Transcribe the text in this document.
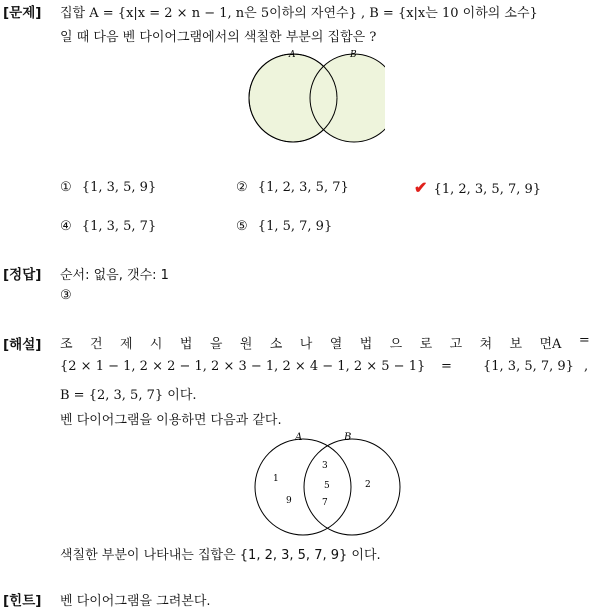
[문제] 집합 A = {x|x = 2 × n − 1, n은 5이하의 자연수} , B = {x|x는 10 이하의 소수}
일 때 다음 벤 다이어그램에서의 색칠한 부분의 집합은 ?
A	B
① {1, 3, 5, 9}	② {1, 2, 3, 5, 7}	✔ {1, 2, 3, 5, 7, 9}
④ {1, 3, 5, 7}	⑤ {1, 5, 7, 9}
[정답] 순서: 없음, 갯수: 1
③
[해설] 조 건 제 시 법 을 원 소 나 열 법 으 로 고 쳐 보 면A =
{2 × 1 − 1, 2 × 2 − 1, 2 × 3 − 1, 2 × 4 − 1, 2 × 5 − 1} = {1, 3, 5, 7, 9} ,
B = {2, 3, 5, 7} 이다.
벤 다이어그램을 이용하면 다음과 같다.
A	B
1
9
3
5
7
2
색칠한 부분이 나타내는 집합은 {1, 2, 3, 5, 7, 9} 이다.
[힌트] 벤 다이어그램을 그려본다.
